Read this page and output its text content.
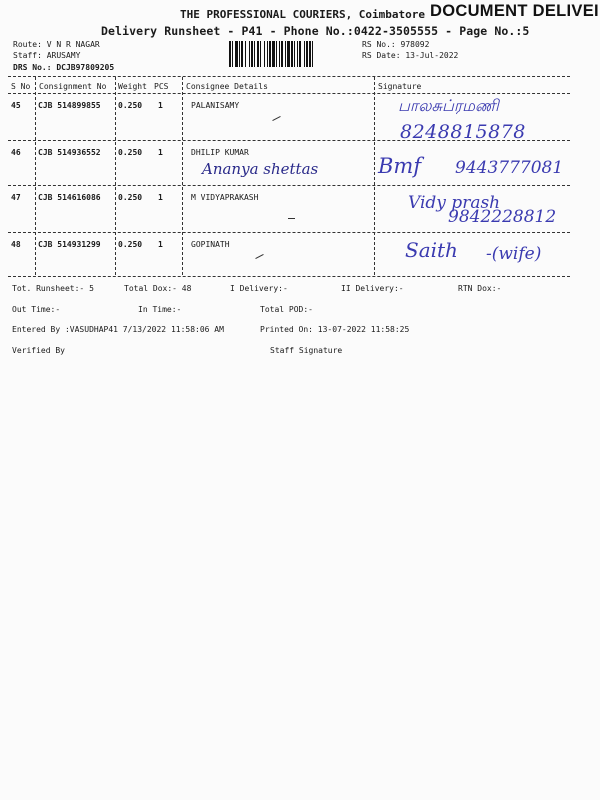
THE PROFESSIONAL COURIERS, Coimbatore
Delivery Runsheet - P41 - Phone No.:0422-3505555 - Page No.:5
DOCUMENT DELIVEI
Route: V N R NAGAR
Staff: ARUSAMY
DRS No.: DCJB97809205
RS No.: 978092
RS Date: 13-Jul-2022
S No Consignment No Weight PCS Consignee Details	Signature
45 CJB 514899855 0.250 1	PALANISAMY	பாலசுப்ரமணி
8248815878
46 CJB 514936552 0.250 1	DHILIP KUMAR
Ananya shettas	Bmf 9443777081
47 CJB 514616086 0.250 1	M VIDYAPRAKASH	Vidy prash
9842228812
48 CJB 514931299 0.250 1	GOPINATH	Saith -(wife)
Tot. Runsheet:- 5	Total Dox:- 48	I Delivery:-	II Delivery:-	RTN Dox:-
Out Time:-	In Time:-	Total POD:-
Entered By :VASUDHAP41 7/13/2022 11:58:06 AM	Printed On: 13-07-2022 11:58:25
Verified By	Staff Signature
